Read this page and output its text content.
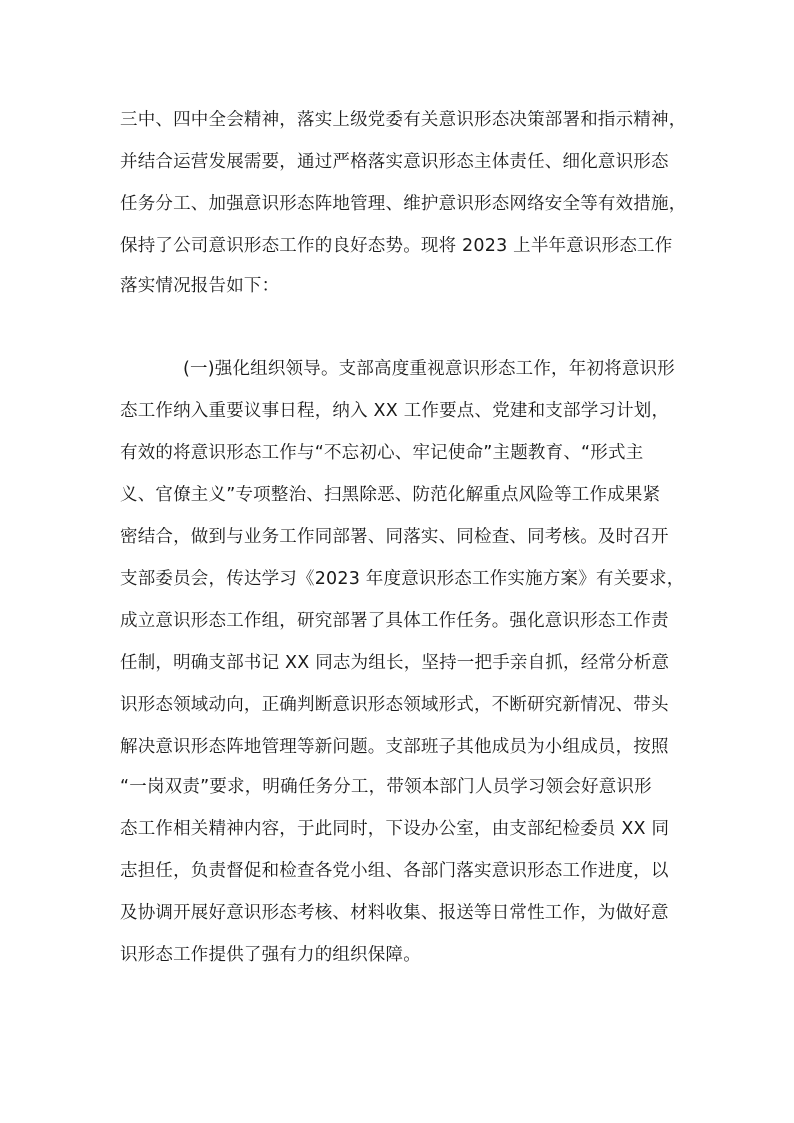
三中、四中全会精神，落实上级党委有关意识形态决策部署和指示精神，
并结合运营发展需要，通过严格落实意识形态主体责任、细化意识形态
任务分工、加强意识形态阵地管理、维护意识形态网络安全等有效措施，
保持了公司意识形态工作的良好态势。现将 2023 上半年意识形态工作
落实情况报告如下：
(一)强化组织领导。支部高度重视意识形态工作，年初将意识形
态工作纳入重要议事日程，纳入 XX 工作要点、党建和支部学习计划，
有效的将意识形态工作与“不忘初心、牢记使命”主题教育、“形式主
义、官僚主义”专项整治、扫黑除恶、防范化解重点风险等工作成果紧
密结合，做到与业务工作同部署、同落实、同检查、同考核。及时召开
支部委员会，传达学习《2023 年度意识形态工作实施方案》有关要求，
成立意识形态工作组，研究部署了具体工作任务。强化意识形态工作责
任制，明确支部书记 XX 同志为组长，坚持一把手亲自抓，经常分析意
识形态领域动向，正确判断意识形态领域形式，不断研究新情况、带头
解决意识形态阵地管理等新问题。支部班子其他成员为小组成员，按照
“一岗双责”要求，明确任务分工，带领本部门人员学习领会好意识形
态工作相关精神内容，于此同时，下设办公室，由支部纪检委员 XX 同
志担任，负责督促和检查各党小组、各部门落实意识形态工作进度，以
及协调开展好意识形态考核、材料收集、报送等日常性工作，为做好意
识形态工作提供了强有力的组织保障。
